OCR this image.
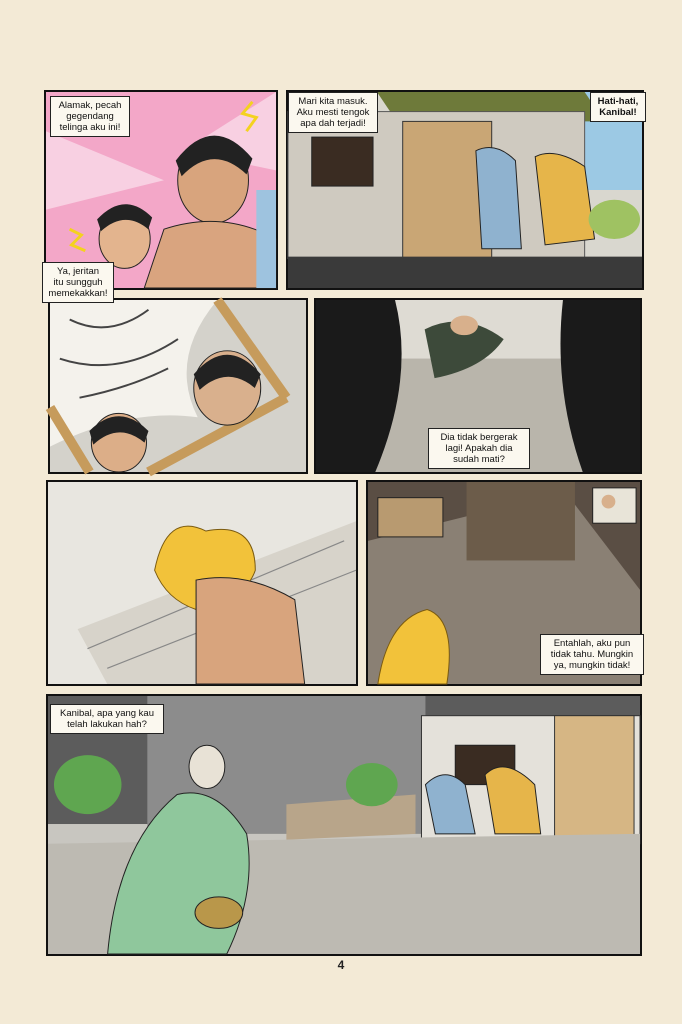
Alamak, pecah
gegendang
telinga aku ini!
Ya, jeritan
itu sungguh
memekakkan!
Mari kita masuk.
Aku mesti tengok
apa dah terjadi!
Hati-hati,
Kanibal!
Dia tidak bergerak
lagi! Apakah dia
sudah mati?
Entahlah, aku pun
tidak tahu. Mungkin
ya, mungkin tidak!
Kanibal, apa yang kau
telah lakukan hah?
4
